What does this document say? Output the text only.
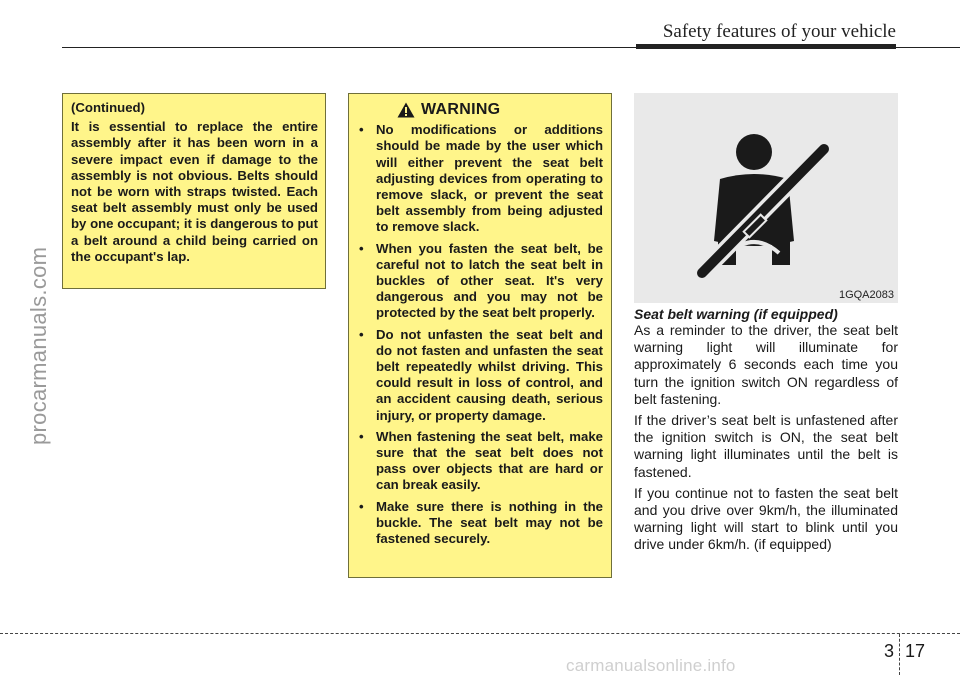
Safety features of your vehicle
procarmanuals.com

(Continued)

It is essential to replace the entire assembly after it has been worn in a severe impact even if damage to the assembly is not obvious. Belts should not be worn with straps twisted. Each seat belt assembly must only be used by one occupant; it is dangerous to put a belt around a child being carried on the occupant's lap.
WARNING
• No modifications or additions should be made by the user which will either prevent the seat belt adjusting devices from operating to remove slack, or prevent the seat belt assembly from being adjusted to remove slack.
• When you fasten the seat belt, be careful not to latch the seat belt in buckles of other seat. It's very dangerous and you may not be protected by the seat belt properly.
• Do not unfasten the seat belt and do not fasten and unfasten the seat belt repeatedly whilst driving. This could result in loss of control, and an accident causing death, serious injury, or property damage.
• When fastening the seat belt, make sure that the seat belt does not pass over objects that are hard or can break easily.
• Make sure there is nothing in the buckle. The seat belt may not be fastened securely.
1GQA2083
Seat belt warning (if equipped)

As a reminder to the driver, the seat belt warning light will illuminate for approximately 6 seconds each time you turn the ignition switch ON regardless of belt fastening.

If the driver’s seat belt is unfastened after the ignition switch is ON, the seat belt warning light illuminates until the belt is fastened.

If you continue not to fasten the seat belt and you drive over 9km/h, the illuminated warning light will start to blink until you drive under 6km/h. (if equipped)

3 17
carmanualsonline.info
